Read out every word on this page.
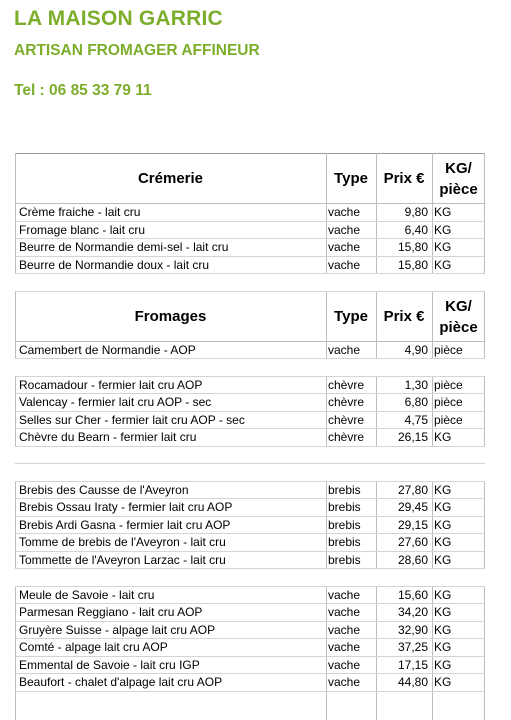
LA MAISON GARRIC
ARTISAN FROMAGER AFFINEUR
Tel : 06 85 33 79 11
Crémerie	Type	Prix €
KG/
pièce
Crème fraiche - lait cru	vache	9,80 KG
Fromage blanc - lait cru	vache	6,40 KG
Beurre de Normandie demi-sel - lait cru	vache	15,80 KG
Beurre de Normandie doux - lait cru	vache	15,80 KG
Fromages	Type	Prix €
KG/
pièce
Camembert de Normandie - AOP	vache	4,90 pièce
Rocamadour - fermier lait cru AOP	chèvre	1,30 pièce
Valencay - fermier lait cru AOP - sec	chèvre	6,80 pièce
Selles sur Cher - fermier lait cru AOP - sec	chèvre	4,75 pièce
Chèvre du Bearn - fermier lait cru	chèvre	26,15 KG
Brebis des Causse de l'Aveyron	brebis	27,80 KG
Brebis Ossau Iraty - fermier lait cru AOP	brebis	29,45 KG
Brebis Ardi Gasna - fermier lait cru AOP	brebis	29,15 KG
Tomme de brebis de l'Aveyron - lait cru	brebis	27,60 KG
Tommette de l'Aveyron Larzac - lait cru	brebis	28,60 KG
Meule de Savoie - lait cru	vache	15,60 KG
Parmesan Reggiano - lait cru AOP	vache	34,20 KG
Gruyère Suisse - alpage lait cru AOP	vache	32,90 KG
Comté - alpage lait cru AOP	vache	37,25 KG
Emmental de Savoie - lait cru IGP	vache	17,15 KG
Beaufort - chalet d'alpage lait cru AOP	vache	44,80 KG
